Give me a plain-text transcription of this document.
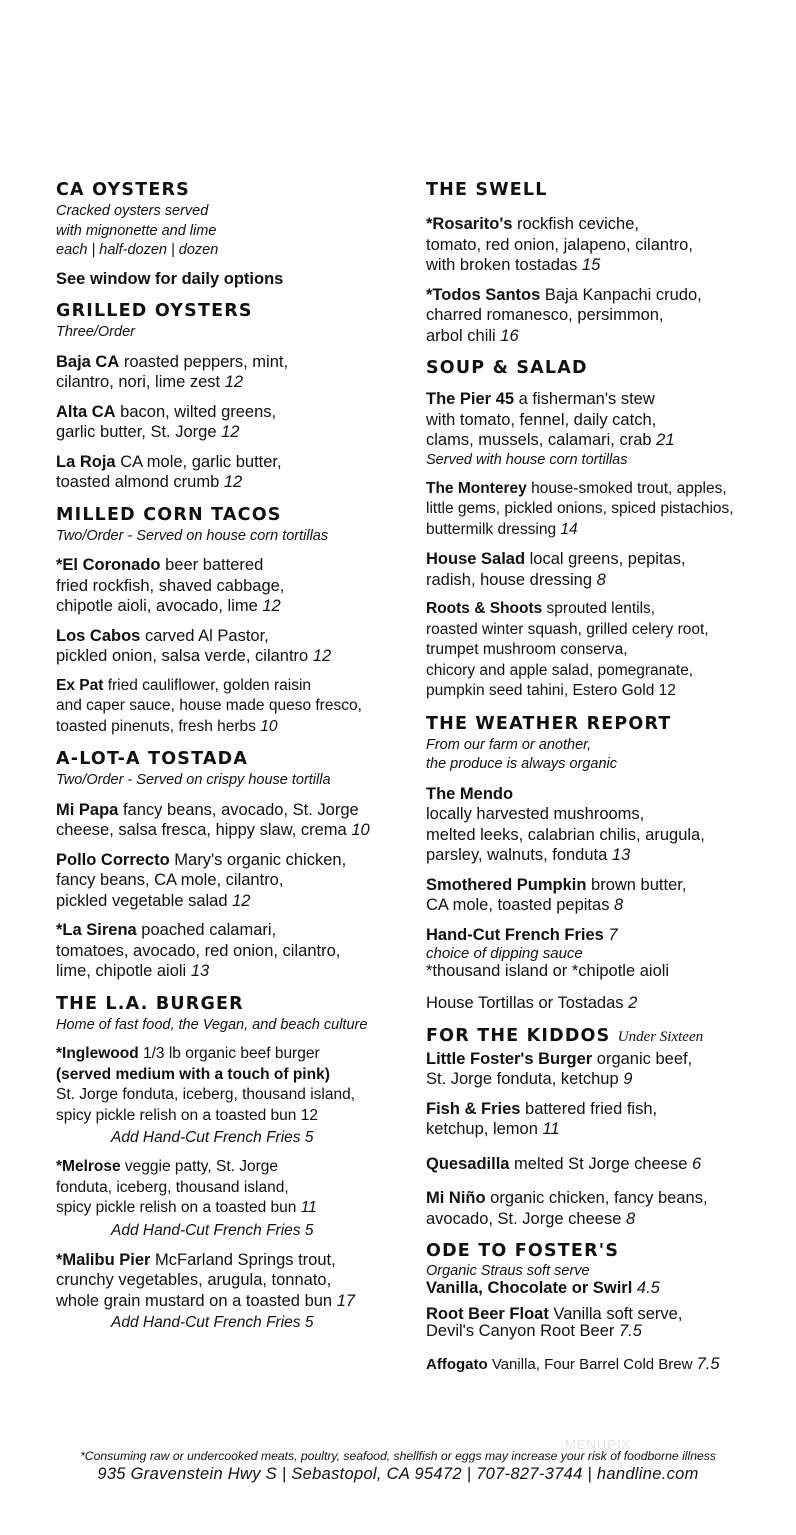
CA OYSTERS
Cracked oysters served
with mignonette and lime
each | half-dozen | dozen
See window for daily options
GRILLED OYSTERS
Three/Order
Baja CA roasted peppers, mint,
cilantro, nori, lime zest 12
Alta CA bacon, wilted greens,
garlic butter, St. Jorge 12
La Roja CA mole, garlic butter,
toasted almond crumb 12
MILLED CORN TACOS
Two/Order - Served on house corn tortillas
*El Coronado beer battered
fried rockfish, shaved cabbage,
chipotle aioli, avocado, lime 12
Los Cabos carved Al Pastor,
pickled onion, salsa verde, cilantro 12
Ex Pat fried cauliflower, golden raisin
and caper sauce, house made queso fresco,
toasted pinenuts, fresh herbs 10
A-LOT-A TOSTADA
Two/Order - Served on crispy house tortilla
Mi Papa fancy beans, avocado, St. Jorge
cheese, salsa fresca, hippy slaw, crema 10
Pollo Correcto Mary's organic chicken,
fancy beans, CA mole, cilantro,
pickled vegetable salad 12
*La Sirena poached calamari,
tomatoes, avocado, red onion, cilantro,
lime, chipotle aioli 13
THE L.A. BURGER
Home of fast food, the Vegan, and beach culture
*Inglewood 1/3 lb organic beef burger
(served medium with a touch of pink)
St. Jorge fonduta, iceberg, thousand island,
spicy pickle relish on a toasted bun 12
Add Hand-Cut French Fries 5
*Melrose veggie patty, St. Jorge
fonduta, iceberg, thousand island,
spicy pickle relish on a toasted bun 11
Add Hand-Cut French Fries 5
*Malibu Pier McFarland Springs trout,
crunchy vegetables, arugula, tonnato,
whole grain mustard on a toasted bun 17
Add Hand-Cut French Fries 5
THE SWELL
*Rosarito's rockfish ceviche,
tomato, red onion, jalapeno, cilantro,
with broken tostadas 15
*Todos Santos Baja Kanpachi crudo,
charred romanesco, persimmon,
arbol chili 16
SOUP & SALAD
The Pier 45 a fisherman's stew
with tomato, fennel, daily catch,
clams, mussels, calamari, crab 21
Served with house corn tortillas
The Monterey house-smoked trout, apples,
little gems, pickled onions, spiced pistachios,
buttermilk dressing 14
House Salad local greens, pepitas,
radish, house dressing 8
Roots & Shoots sprouted lentils,
roasted winter squash, grilled celery root,
trumpet mushroom conserva,
chicory and apple salad, pomegranate,
pumpkin seed tahini, Estero Gold 12
THE WEATHER REPORT
From our farm or another,
the produce is always organic
The Mendo
locally harvested mushrooms,
melted leeks, calabrian chilis, arugula,
parsley, walnuts, fonduta 13
Smothered Pumpkin brown butter,
CA mole, toasted pepitas 8
Hand-Cut French Fries 7
choice of dipping sauce
*thousand island or *chipotle aioli
House Tortillas or Tostadas 2
FOR THE KIDDOS Under Sixteen
Little Foster's Burger organic beef,
St. Jorge fonduta, ketchup 9
Fish & Fries battered fried fish,
ketchup, lemon 11
Quesadilla melted St Jorge cheese 6
Mi Niño organic chicken, fancy beans,
avocado, St. Jorge cheese 8
ODE TO FOSTER'S
Organic Straus soft serve
Vanilla, Chocolate or Swirl 4.5
Root Beer Float Vanilla soft serve,
Devil's Canyon Root Beer 7.5
Affogato Vanilla, Four Barrel Cold Brew 7.5
MENUPIX
*Consuming raw or undercooked meats, poultry, seafood, shellfish or eggs may increase your risk of foodborne illness
935 Gravenstein Hwy S | Sebastopol, CA 95472 | 707-827-3744 | handline.com
